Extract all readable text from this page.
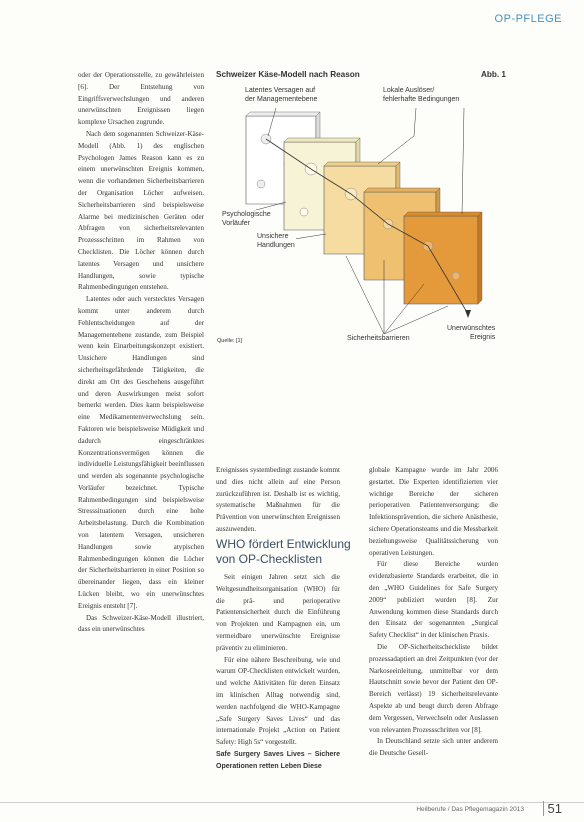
OP-PFLEGE

oder der Operationsstelle, zu gewährleisten [6]. Der Entstehung von Eingriffsverwechslungen und anderen unerwünschten Ereignissen liegen komplexe Ursachen zugrunde.

Nach dem sogenannten Schweizer-Käse-Modell (Abb. 1) des englischen Psychologen James Reason kann es zu einem unerwünschten Ereignis kommen, wenn die vorhandenen Sicherheitsbarrieren der Organisation Löcher aufweisen. Sicherheitsbarrieren sind beispielsweise Alarme bei medizinischen Geräten oder Abfragen von sicherheitsrelevanten Prozessschritten im Rahmen von Checklisten. Die Löcher können durch latentes Versagen und unsichere Handlungen, sowie typische Rahmenbedingungen entstehen.

Latentes oder auch verstecktes Versagen kommt unter anderem durch Fehlentscheidungen auf der Managementebene zustande, zum Beispiel wenn kein Einarbeitungskonzept existiert. Unsichere Handlungen sind sicherheitsgefährdende Tätigkeiten, die direkt am Ort des Geschehens ausgeführt und deren Auswirkungen meist sofort bemerkt werden. Dies kann beispielsweise eine Medikamentenverwechslung sein. Faktoren wie beispielsweise Müdigkeit und dadurch eingeschränktes Konzentrationsvermögen können die individuelle Leistungsfähigkeit beeinflussen und werden als sogenannte psychologische Vorläufer bezeichnet. Typische Rahmenbedingungen sind beispielsweise Stresssituationen durch eine hohe Arbeitsbelastung. Durch die Kombination von latentem Versagen, unsicheren Handlungen sowie atypischen Rahmenbedingungen können die Löcher der Sicherheitsbarrieren in einer Position so übereinander liegen, dass ein kleiner Lücken bleibt, wo ein unerwünschtes Ereignis entsteht [7].

Das Schweizer-Käse-Modell illustriert, dass ein unerwünschtes

Schweizer Käse-Modell nach Reason	Abb. 1
Latentes Versagen auf
der Managementebene
Lokale Auslöser/
fehlerhafte Bedingungen
Psychologische
Vorläufer
Unsichere
Handlungen
Sicherheitsbarrieren
Unerwünschtes
Ereignis
Quelle: [1]

Ereignisses systembedingt zustande kommt und dies nicht allein auf eine Person zurückzuführen ist. Deshalb ist es wichtig, systematische Maßnahmen für die Prävention von unerwünschten Ereignissen auszuwenden.

WHO fördert Entwicklung von OP-Checklisten

Seit einigen Jahren setzt sich die Weltgesundheitsorganisation (WHO) für die prä- und perioperative Patientensicherheit durch die Einführung von Projekten und Kampagnen ein, um vermeidbare unerwünschte Ereignisse präventiv zu eliminieren.

Für eine nähere Beschreibung, wie und warum OP-Checklisten entwickelt wurden, und welche Aktivitäten für deren Einsatz im klinischen Alltag notwendig sind, werden nachfolgend die WHO-Kampagne „Safe Surgery Saves Lives“ und das internationale Projekt „Action on Patient Safety: High 5s“ vorgestellt.

Safe Surgery Saves Lives – Sichere Operationen retten Leben Diese

globale Kampagne wurde im Jahr 2006 gestartet. Die Experten identifizierten vier wichtige Bereiche der sicheren perioperativen Patientenversorgung: die Infektionsprävention, die sichere Anästhesie, sichere Operationsteams und die Messbarkeit beziehungsweise Qualitätssicherung von operativen Leistungen.

Für diese Bereiche wurden evidenzbasierte Standards erarbeitet, die in den „WHO Guidelines for Safe Surgery 2009“ publiziert wurden [8]. Zur Anwendung kommen diese Standards durch den Einsatz der sogenannten „Surgical Safety Checklist“ in der klinischen Praxis.

Die OP-Sicherheitscheckliste bildet prozessadaptiert an drei Zeitpunkten (vor der Narkoseeinleitung, unmittelbar vor dem Hautschnitt sowie bevor der Patient den OP-Bereich verlässt) 19 sicherheitsrelevante Aspekte ab und beugt durch deren Abfrage dem Vergessen, Verwechseln oder Auslassen von relevanten Prozessschritten vor [8].

In Deutschland setzte sich unter anderem die Deutsche Gesell-

Heilberufe / Das Pflegemagazin 2013	51
